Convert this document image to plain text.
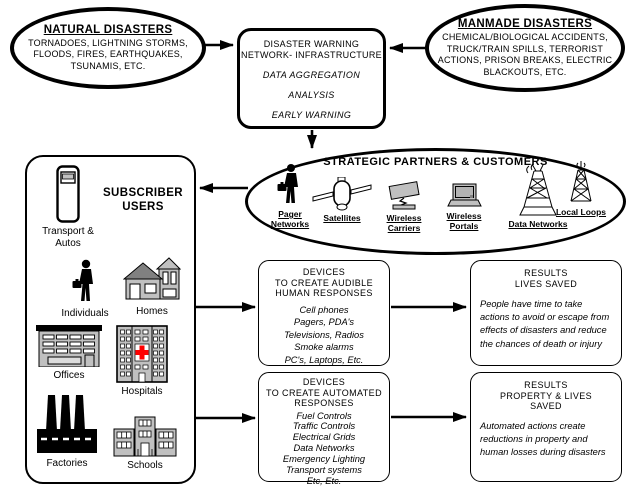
NATURAL DISASTERS
TORNADOES, LIGHTNING STORMS, FLOODS, FIRES, EARTHQUAKES, TSUNAMIS, ETC.
MANMADE DISASTERS
CHEMICAL/BIOLOGICAL ACCIDENTS, TRUCK/TRAIN SPILLS, TERRORIST ACTIONS, PRISON BREAKS, ELECTRIC BLACKOUTS, ETC.
DISASTER WARNING
NETWORK- INFRASTRUCTURE
DATA AGGREGATION
ANALYSIS
EARLY WARNING
STRATEGIC PARTNERS & CUSTOMERS
Pager Networks
Satellites	Wireless Carriers
Wireless Portals	Data Networks
Local Loops
SUBSCRIBER USERS
Transport & Autos
Individuals	Homes
Offices
Hospitals
Factories	Schools
DEVICES
TO CREATE AUDIBLE
HUMAN RESPONSES
Cell phones
Pagers, PDA's
Televisions, Radios
Smoke alarms
PC's, Laptops, Etc.
DEVICES
TO CREATE AUTOMATED
RESPONSES
Fuel Controls
Traffic Controls
Electrical Grids
Data Networks
Emergency Lighting
Transport systems
Etc, Etc.
RESULTS
LIVES SAVED
People have time to take actions to avoid or escape from effects of disasters and reduce the chances of death or injury
RESULTS
PROPERTY & LIVES
SAVED
Automated actions create reductions in property and human losses during disasters
